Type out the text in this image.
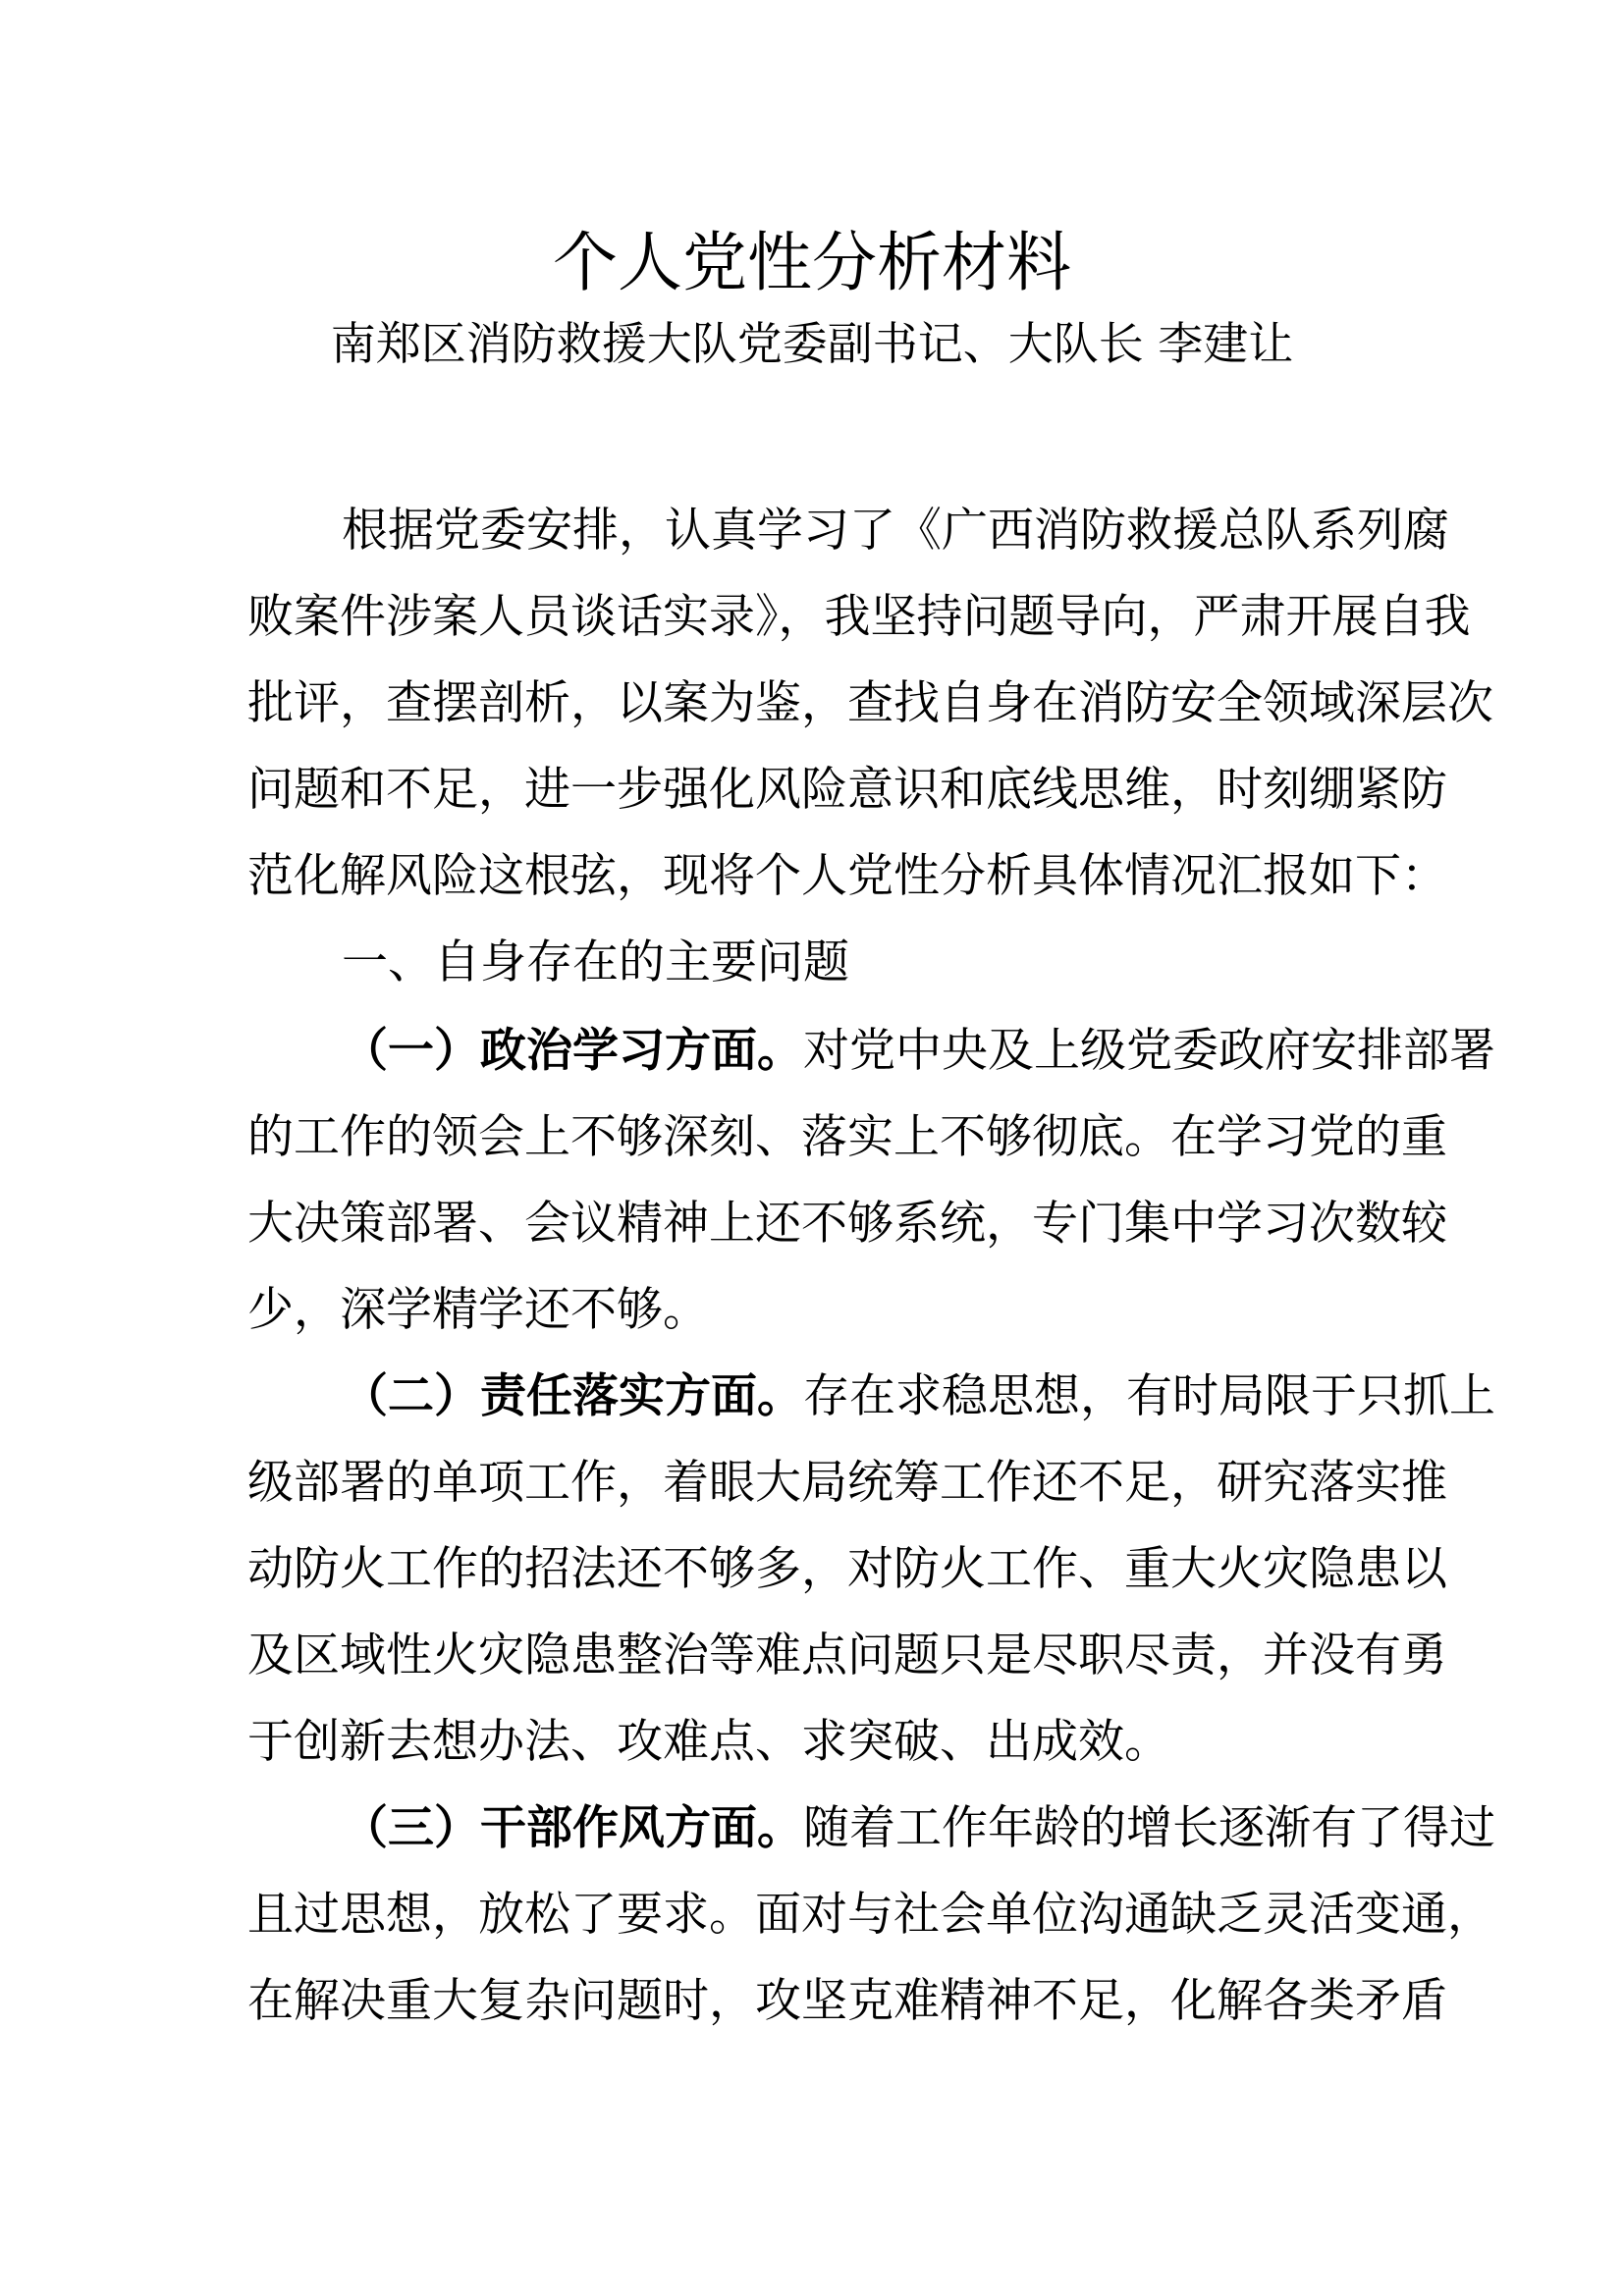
个人党性分析材料
南郑区消防救援大队党委副书记、大队长 李建让
根据党委安排，认真学习了《广西消防救援总队系列腐
败案件涉案人员谈话实录》，我坚持问题导向，严肃开展自我
批评，查摆剖析，以案为鉴，查找自身在消防安全领域深层次
问题和不足，进一步强化风险意识和底线思维，时刻绷紧防
范化解风险这根弦，现将个人党性分析具体情况汇报如下：
一、自身存在的主要问题
（一）政治学习方面。对党中央及上级党委政府安排部署
的工作的领会上不够深刻、落实上不够彻底。在学习党的重
大决策部署、会议精神上还不够系统，专门集中学习次数较
少，深学精学还不够。
（二）责任落实方面。存在求稳思想，有时局限于只抓上
级部署的单项工作，着眼大局统筹工作还不足，研究落实推
动防火工作的招法还不够多，对防火工作、重大火灾隐患以
及区域性火灾隐患整治等难点问题只是尽职尽责，并没有勇
于创新去想办法、攻难点、求突破、出成效。
（三）干部作风方面。随着工作年龄的增长逐渐有了得过
且过思想，放松了要求。面对与社会单位沟通缺乏灵活变通，
在解决重大复杂问题时，攻坚克难精神不足，化解各类矛盾
